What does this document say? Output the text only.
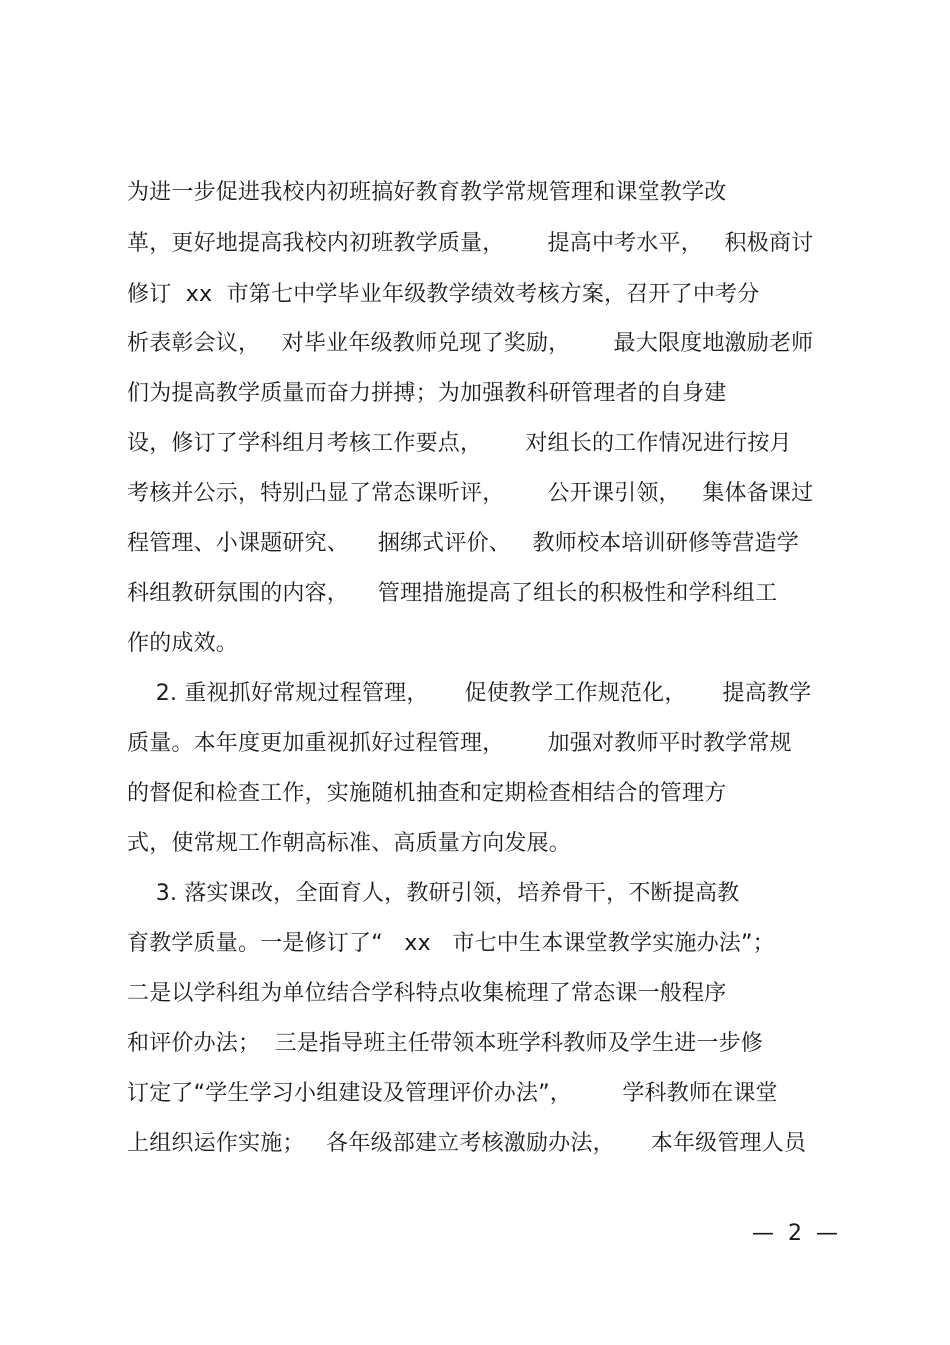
为进一步促进我校内初班搞好教育教学常规管理和课堂教学改
革，更好地提高我校内初班教学质量，      提高中考水平，   积极商讨
修订  xx  市第七中学毕业年级教学绩效考核方案，召开了中考分
析表彰会议，   对毕业年级教师兑现了奖励，      最大限度地激励老师
们为提高教学质量而奋力拼搏；为加强教科研管理者的自身建
设，修订了学科组月考核工作要点，      对组长的工作情况进行按月
考核并公示，特别凸显了常态课听评，      公开课引领，   集体备课过
程管理、小课题研究、    捆绑式评价、   教师校本培训研修等营造学
科组教研氛围的内容，    管理措施提高了组长的积极性和学科组工
作的成效。
2. 重视抓好常规过程管理，     促使教学工作规范化，     提高教学
质量。本年度更加重视抓好过程管理，      加强对教师平时教学常规
的督促和检查工作，实施随机抽查和定期检查相结合的管理方
式，使常规工作朝高标准、高质量方向发展。
3. 落实课改，全面育人，教研引领，培养骨干，不断提高教
育教学质量。一是修订了“   xx   市七中生本课堂教学实施办法”；
二是以学科组为单位结合学科特点收集梳理了常态课一般程序
和评价办法；  三是指导班主任带领本班学科教师及学生进一步修
订定了“学生学习小组建设及管理评价办法”，       学科教师在课堂
上组织运作实施；   各年级部建立考核激励办法，     本年级管理人员
—  2  —
